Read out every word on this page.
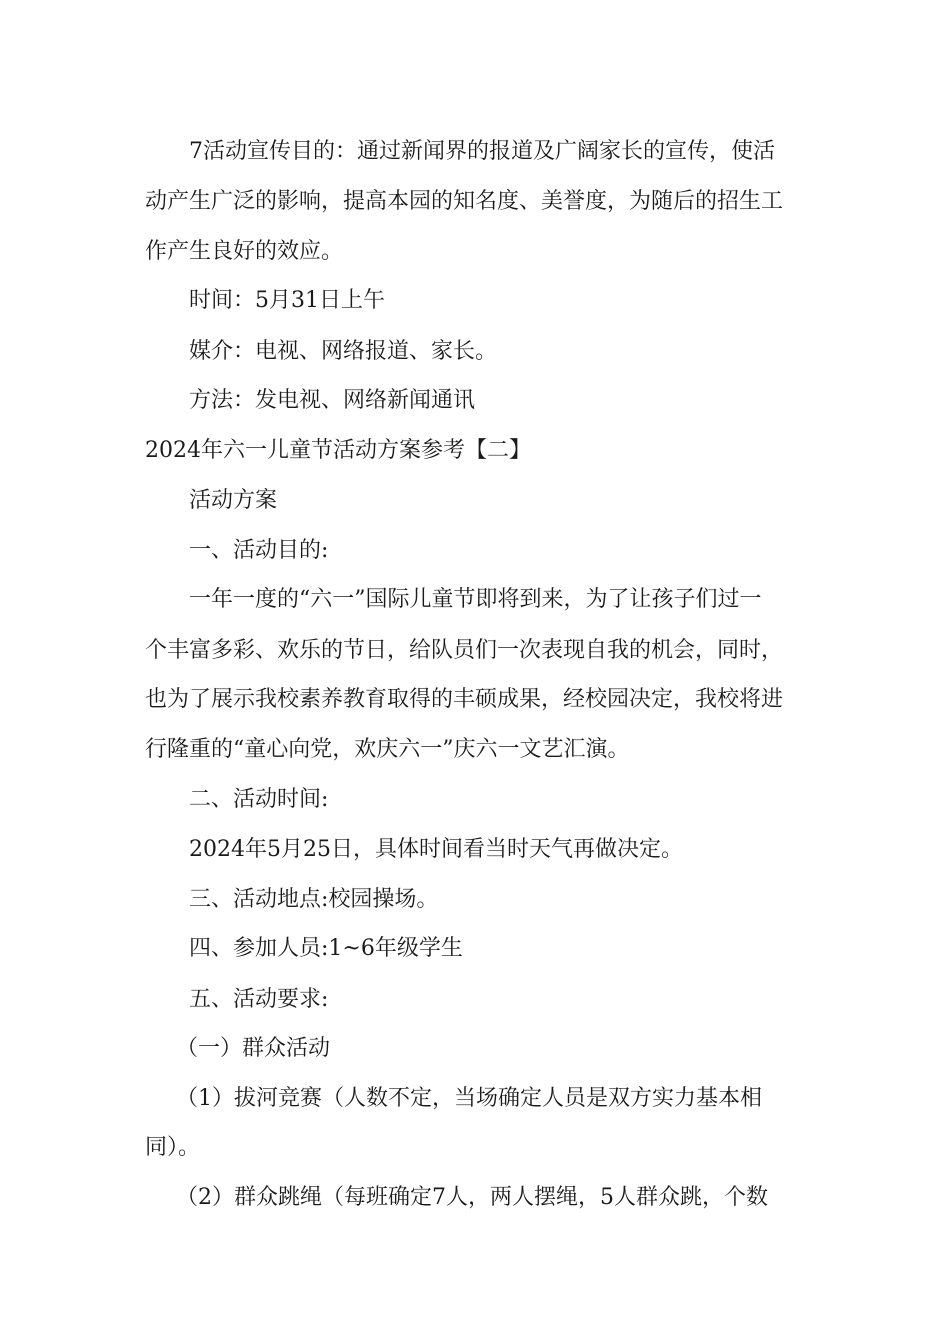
7活动宣传目的：通过新闻界的报道及广阔家长的宣传，使活
动产生广泛的影响，提高本园的知名度、美誉度，为随后的招生工
作产生良好的效应。
时间：5月31日上午
媒介：电视、网络报道、家长。
方法：发电视、网络新闻通讯
2024年六一儿童节活动方案参考【二】
活动方案
一、活动目的:
一年一度的“六一”国际儿童节即将到来，为了让孩子们过一
个丰富多彩、欢乐的节日，给队员们一次表现自我的机会，同时，
也为了展示我校素养教育取得的丰硕成果，经校园决定，我校将进
行隆重的“童心向党，欢庆六一”庆六一文艺汇演。
二、活动时间:
2024年5月25日，具体时间看当时天气再做决定。
三、活动地点:校园操场。
四、参加人员:1~6年级学生
五、活动要求:
（一）群众活动
（1）拔河竞赛（人数不定，当场确定人员是双方实力基本相
同）。
（2）群众跳绳（每班确定7人，两人摆绳，5人群众跳，个数
